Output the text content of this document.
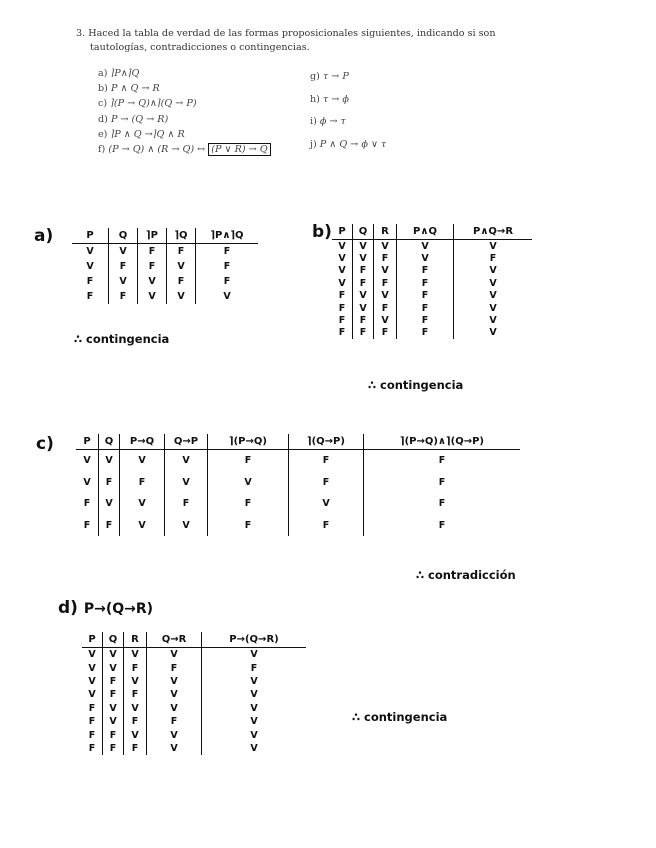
3. Haced la tabla de verdad de las formas proposicionales siguientes, indicando si son
tautologías, contradicciones o contingencias.
a) ⌉P∧⌉Q
b) P ∧ Q → R
c) ⌉(P → Q)∧⌉(Q → P)
d) P → (Q → R)
e) ⌉P ∧ Q →⌉Q ∧ R
f) (P → Q) ∧ (R → Q) ↔ (P ∨ R) → Q
g) τ → P
h) τ → ϕ
i) ϕ → τ
j) P ∧ Q → ϕ ∨ τ
a)	P	Q	⌉P	⌉Q	⌉P∧⌉Q
V	V	F	F	F
V	F	F	V	F
F	V	V	F	F
F	F	V	V	V
∴ contingencia
b) P	Q	R	P∧Q	P∧Q→R
V	V	V	V	V
V	V	F	V	F
V	F	V	F	V
V	F	F	F	V
F	V	V	F	V
F	V	F	F	V
F	F	V	F	V
F	F	F	F	V
∴ contingencia
c)	P	Q	P→Q	Q→P	⌉(P→Q)	⌉(Q→P)	⌉(P→Q)∧⌉(Q→P)
V	V	V	V	F	F	F
V	F	F	V	V	F	F
F	V	V	F	F	V	F
F	F	V	V	F	F	F
∴ contradicción
d) P→(Q→R)
P	Q	R	Q→R	P→(Q→R)
V	V	V	V	V
V	V	F	F	F
V	F	V	V	V
V	F	F	V	V
F	V	V	V	V
F	V	F	F	V
F	F	V	V	V
F	F	F	V	V
∴ contingencia
